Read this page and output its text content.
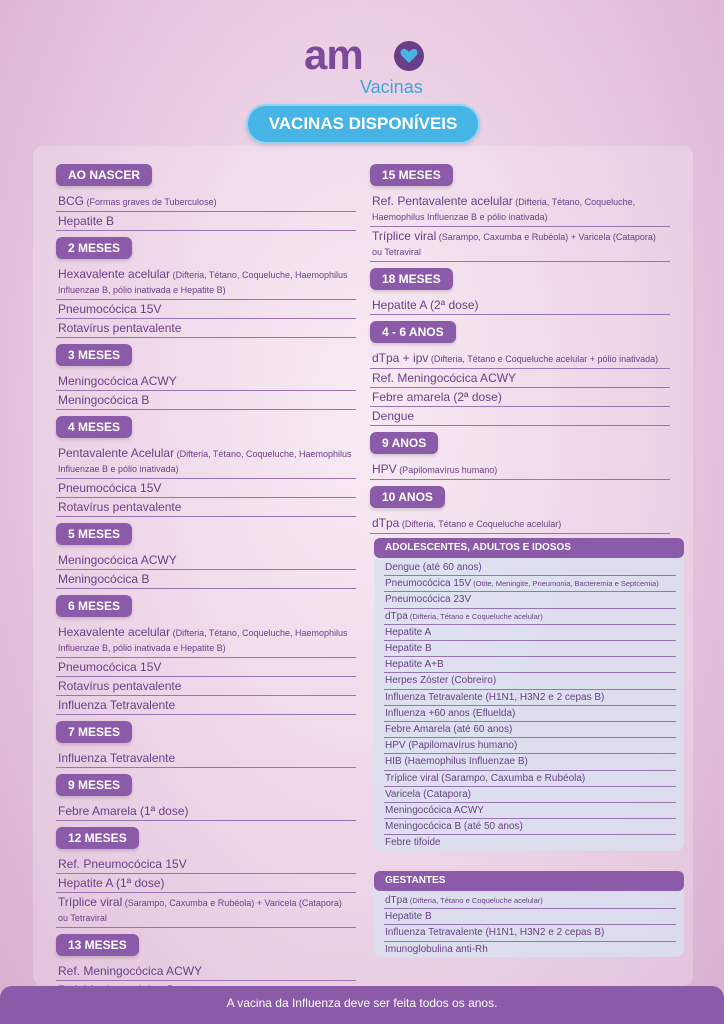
am
Vacinas
VACINAS DISPONÍVEIS
AO NASCER
BCG (Formas graves de Tuberculose)
Hepatite B
2 MESES
Hexavalente acelular (Difteria, Tétano, Coqueluche, Haemophilus Influenzae B, pólio inativada e Hepatite B)
Pneumocócica 15V
Rotavírus pentavalente
3 MESES
Meningocócica ACWY
Meningocócica B
4 MESES
Pentavalente Acelular (Difteria, Tétano, Coqueluche, Haemophilus Influenzae B e pólio inativada)
Pneumocócica 15V
Rotavírus pentavalente
5 MESES
Meningocócica ACWY
Meningocócica B
6 MESES
Hexavalente acelular (Difteria, Tétano, Coqueluche, Haemophilus Influenzae B, pólio inativada e Hepatite B)
Pneumocócica 15V
Rotavírus pentavalente
Influenza Tetravalente
7 MESES
Influenza Tetravalente
9 MESES
Febre Amarela (1ª dose)
12 MESES
Ref. Pneumocócica 15V
Hepatite A (1ª dose)
Tríplice viral (Sarampo, Caxumba e Rubéola) + Varicela (Catapora) ou Tetraviral
13 MESES
Ref. Meningocócica ACWY
15 MESES
Ref. Pentavalente acelular (Difteria, Tétano, Coqueluche, Haemophilus Influenzae B e pólio inativada)
Tríplice viral (Sarampo, Caxumba e Rubéola) + Varicela (Catapora) ou Tetraviral
18 MESES
Hepatite A (2ª dose)
4 - 6 ANOS
dTpa + ipv (Difteria, Tétano e Coqueluche acelular + pólio inativada)
Ref. Meningocócica ACWY
Febre amarela (2ª dose)
Dengue
9 ANOS
HPV (Papilomavírus humano)
10 ANOS
dTpa (Difteria, Tétano e Coqueluche acelular)
ADOLESCENTES, ADULTOS E IDOSOS
Dengue (até 60 anos)
Pneumocócica 15V (Otite, Meningite, Pneumonia, Bacteremia e Septcemia)
Pneumocócica 23V
dTpa (Difteria, Tétano e Coqueluche acelular)
Hepatite A
Hepatite B
Hepatite A+B
Herpes Zóster (Cobreiro)
Influenza Tetravalente (H1N1, H3N2 e 2 cepas B)
Influenza +60 anos (Efluelda)
Febre Amarela (até 60 anos)
HPV (Papilomavírus humano)
HIB (Haemophilus Influenzae B)
Tríplice viral (Sarampo, Caxumba e Rubéola)
Varicela (Catapora)
Meningocócica ACWY
Meningocócica B (até 50 anos)
Febre tifoide
GESTANTES
dTpa (Difteria, Tétano e Coqueluche acelular)
Hepatite B
Influenza Tetravalente (H1N1, H3N2 e 2 cepas B)
Imunoglobulina anti-Rh
A vacina da Influenza deve ser feita todos os anos.
